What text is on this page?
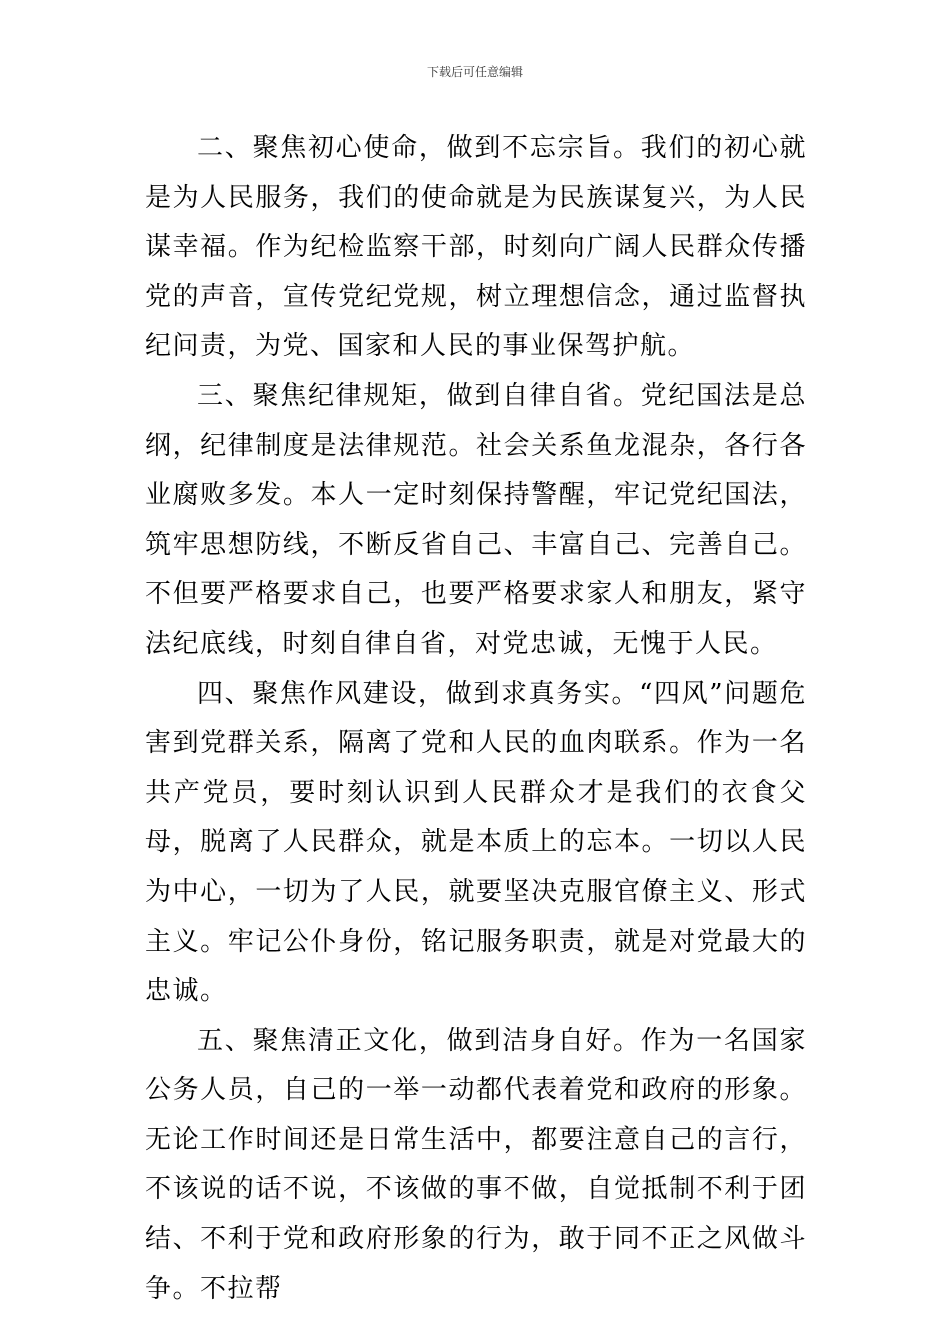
下载后可任意编辑

二、聚焦初心使命，做到不忘宗旨。我们的初心就是为人民服务，我们的使命就是为民族谋复兴，为人民谋幸福。作为纪检监察干部，时刻向广阔人民群众传播党的声音，宣传党纪党规，树立理想信念，通过监督执纪问责，为党、国家和人民的事业保驾护航。

三、聚焦纪律规矩，做到自律自省。党纪国法是总纲，纪律制度是法律规范。社会关系鱼龙混杂，各行各业腐败多发。本人一定时刻保持警醒，牢记党纪国法，筑牢思想防线，不断反省自己、丰富自己、完善自己。不但要严格要求自己，也要严格要求家人和朋友，紧守法纪底线，时刻自律自省，对党忠诚，无愧于人民。

四、聚焦作风建设，做到求真务实。“四风”问题危害到党群关系，隔离了党和人民的血肉联系。作为一名共产党员，要时刻认识到人民群众才是我们的衣食父母，脱离了人民群众，就是本质上的忘本。一切以人民为中心，一切为了人民，就要坚决克服官僚主义、形式主义。牢记公仆身份，铭记服务职责，就是对党最大的忠诚。

五、聚焦清正文化，做到洁身自好。作为一名国家公务人员，自己的一举一动都代表着党和政府的形象。无论工作时间还是日常生活中，都要注意自己的言行，不该说的话不说，不该做的事不做，自觉抵制不利于团结、不利于党和政府形象的行为，敢于同不正之风做斗争。不拉帮
